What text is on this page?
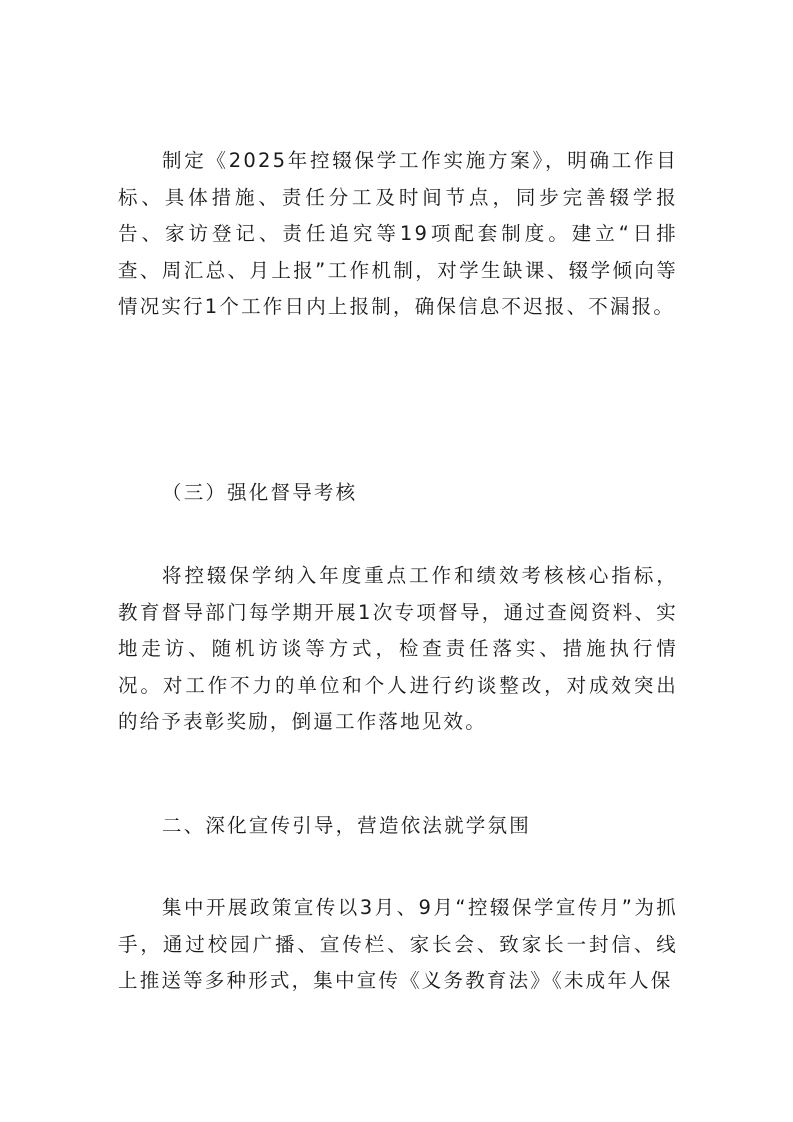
制定《2025年控辍保学工作实施方案》，明确工作目标、具体措施、责任分工及时间节点，同步完善辍学报告、家访登记、责任追究等19项配套制度。建立“日排查、周汇总、月上报”工作机制，对学生缺课、辍学倾向等情况实行1个工作日内上报制，确保信息不迟报、不漏报。

（三）强化督导考核

将控辍保学纳入年度重点工作和绩效考核核心指标，教育督导部门每学期开展1次专项督导，通过查阅资料、实地走访、随机访谈等方式，检查责任落实、措施执行情况。对工作不力的单位和个人进行约谈整改，对成效突出的给予表彰奖励，倒逼工作落地见效。

二、深化宣传引导，营造依法就学氛围

集中开展政策宣传以3月、9月“控辍保学宣传月”为抓手，通过校园广播、宣传栏、家长会、致家长一封信、线上推送等多种形式，集中宣传《义务教育法》《未成年人保
